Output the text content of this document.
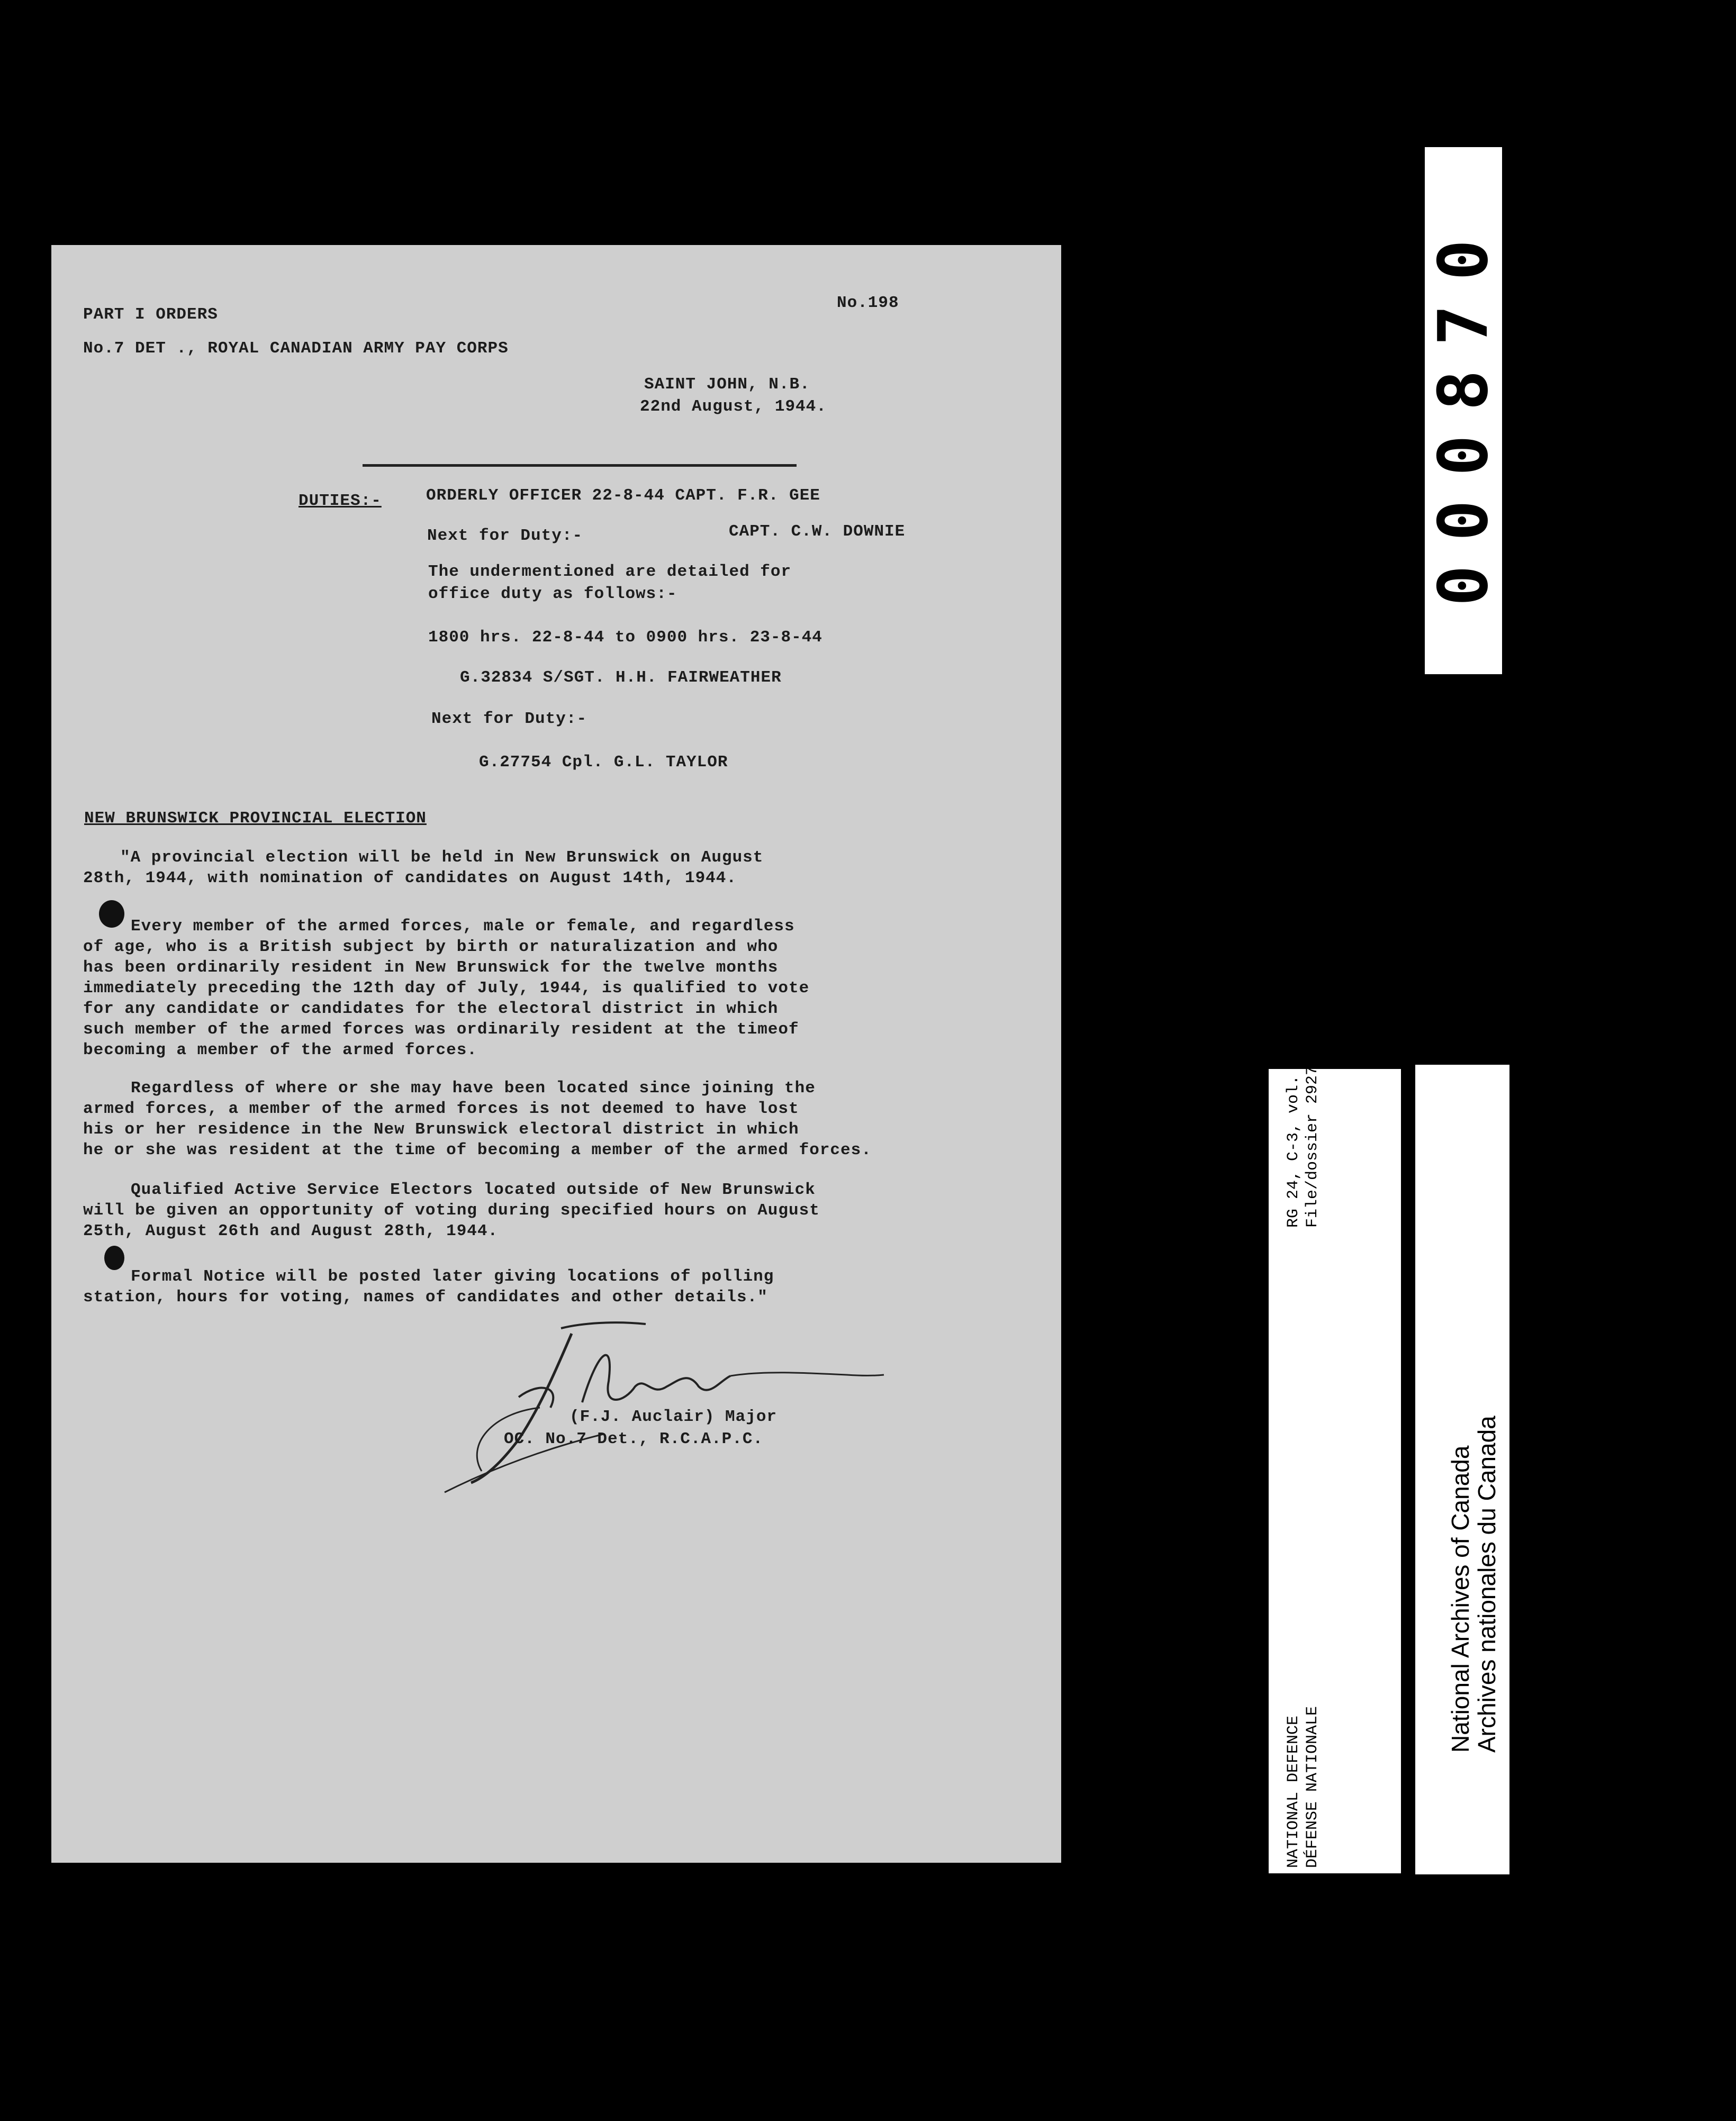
PART I ORDERS
No.198
No.7 DET ., ROYAL CANADIAN ARMY PAY CORPS
SAINT JOHN, N.B.
22nd August, 1944.
DUTIES:-	ORDERLY OFFICER 22-8-44 CAPT. F.R. GEE
Next for Duty:-	CAPT. C.W. DOWNIE
The undermentioned are detailed for
office duty as follows:-
1800 hrs. 22-8-44 to 0900 hrs. 23-8-44
G.32834 S/SGT. H.H. FAIRWEATHER
Next for Duty:-
G.27754 Cpl. G.L. TAYLOR
NEW BRUNSWICK PROVINCIAL ELECTION
"A provincial election will be held in New Brunswick on August
28th, 1944, with nomination of candidates on August 14th, 1944.
Every member of the armed forces, male or female, and regardless
of age, who is a British subject by birth or naturalization and who
has been ordinarily resident in New Brunswick for the twelve months
immediately preceding the 12th day of July, 1944, is qualified to vote
for any candidate or candidates for the electoral district in which
such member of the armed forces was ordinarily resident at the timeof
becoming a member of the armed forces.
Regardless of where or she may have been located since joining the
armed forces, a member of the armed forces is not deemed to have lost
his or her residence in the New Brunswick electoral district in which
he or she was resident at the time of becoming a member of the armed forces.
Qualified Active Service Electors located outside of New Brunswick
will be given an opportunity of voting during specified hours on August
25th, August 26th and August 28th, 1944.
Formal Notice will be posted later giving locations of polling
station, hours for voting, names of candidates and other details."
(F.J. Auclair) Major
OC. No.7 Det., R.C.A.P.C.
000870
RG 24, C-3, vol. 13999 File/dossier 2927/A&Q
NATIONAL DEFENCE DÉFENSE NATIONALE
National Archives of Canada
Archives nationales du Canada
